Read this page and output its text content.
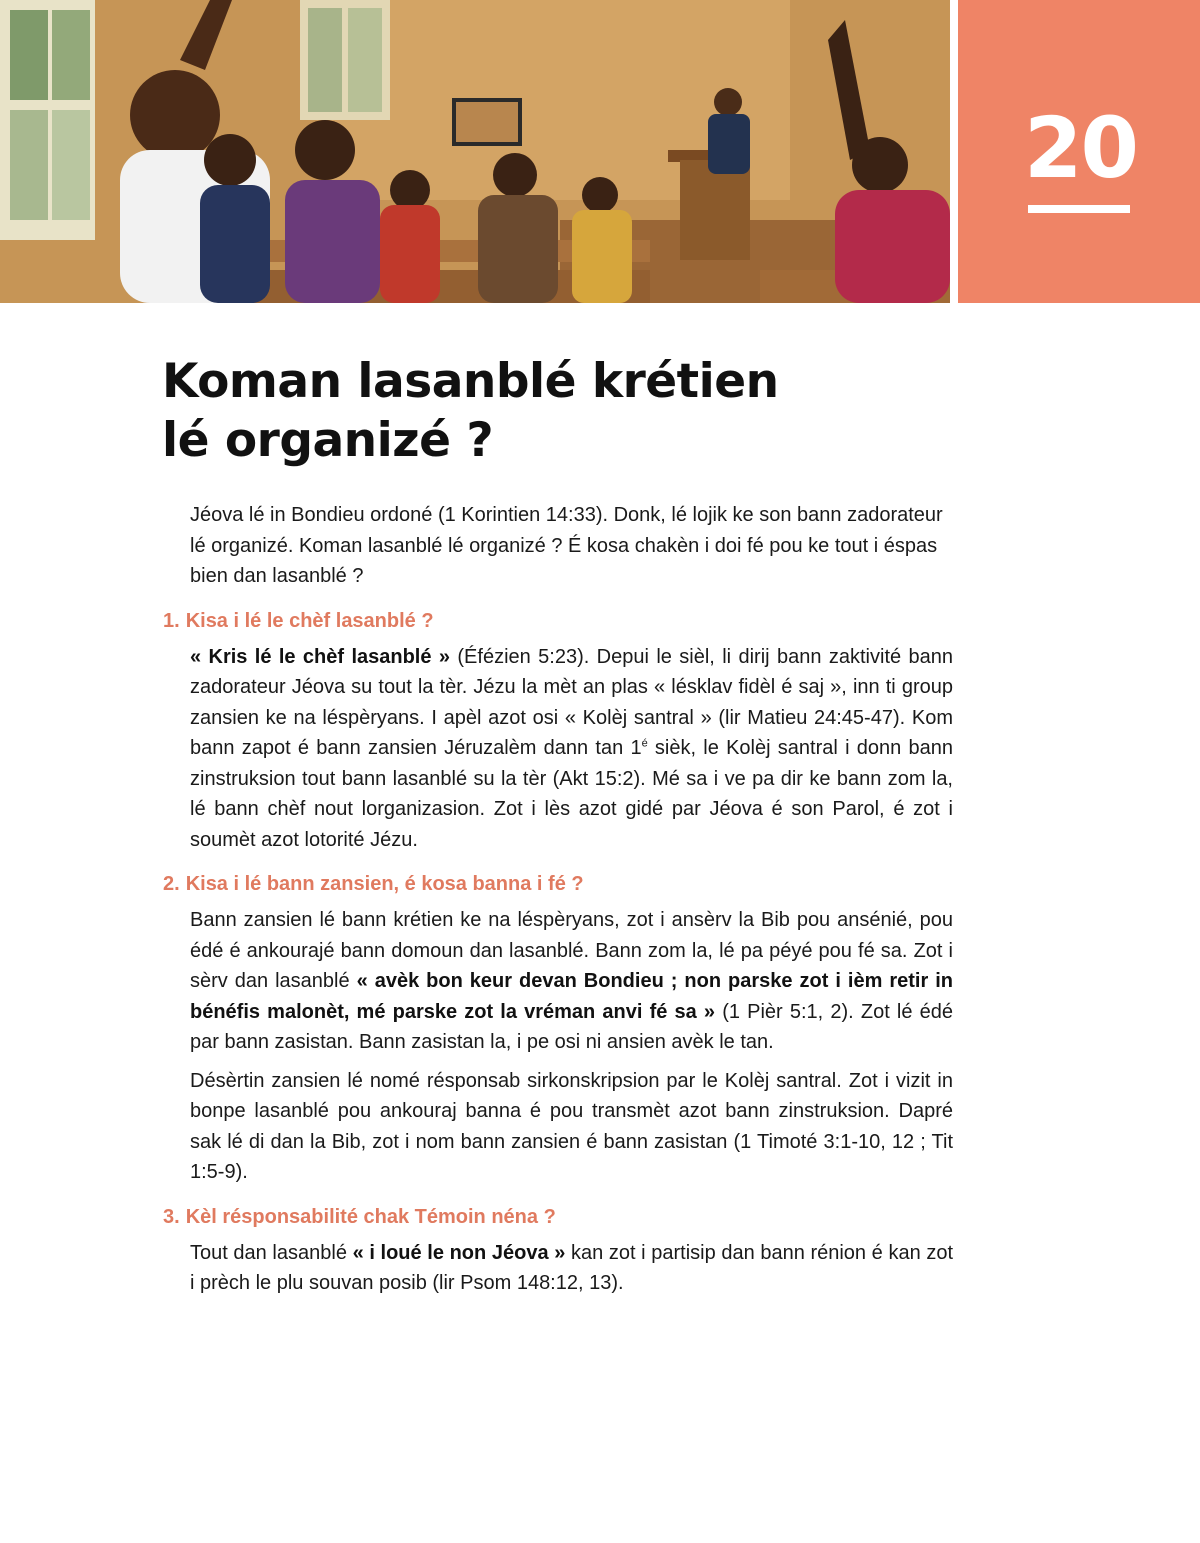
20
Koman lasanblé krétien
lé organizé ?

Jéova lé in Bondieu ordoné (1 Korintien 14:33). Donk, lé lojik ke son bann zadorateur lé organizé. Koman lasanblé lé organizé ? É kosa chakèn i doi fé pou ke tout i éspas bien dan lasanblé ?

1. Kisa i lé le chèf lasanblé ?

« Kris lé le chèf lasanblé » (Éfézien 5:23). Depui le sièl, li dirij bann zaktivité bann zadorateur Jéova su tout la tèr. Jézu la mèt an plas « lésklav fidèl é saj », inn ti group zansien ke na léspèryans. I apèl azot osi « Kolèj santral » (lir Matieu 24:45-47). Kom bann zapot é bann zansien Jéruzalèm dann $\tan 1^é$ sièk, le Kolèj santral i donn bann zinstruksion tout bann lasanblé su la tèr (Akt 15:2). Mé sa i ve pa dir ke bann zom la, lé bann chèf nout lorganizasion. Zot i lès azot gidé par Jéova é son Parol, é zot i soumèt azot lotorité Jézu.

2. Kisa i lé bann zansien, é kosa banna i fé ?

Bann zansien lé bann krétien ke na léspèryans, zot i ansèrv la Bib pou ansénié, pou édé é ankourajé bann domoun dan lasanblé. Bann zom la, lé pa péyé pou fé sa. Zot i sèrv dan lasanblé « avèk bon keur devan Bondieu ; non parske zot i ièm retir in bénéfis malonèt, mé parske zot la vréman anvi fé sa » (1 Pièr 5:1, 2). Zot lé édé par bann zasistan. Bann zasistan la, i pe osi ni ansien avèk le tan.

Désèrtin zansien lé nomé résponsab sirkonskripsion par le Kolèj santral. Zot i vizit in bonpe lasanblé pou ankouraj banna é pou transmèt azot bann zinstruksion. Dapré sak lé di dan la Bib, zot i nom bann zansien é bann zasistan (1 Timoté 3:1-10, 12 ; Tit 1:5-9).

3. Kèl résponsabilité chak Témoin néna ?

Tout dan lasanblé « i loué le non Jéova » kan zot i partisip dan bann rénion é kan zot i prèch le plu souvan posib (lir Psom 148:12, 13).
